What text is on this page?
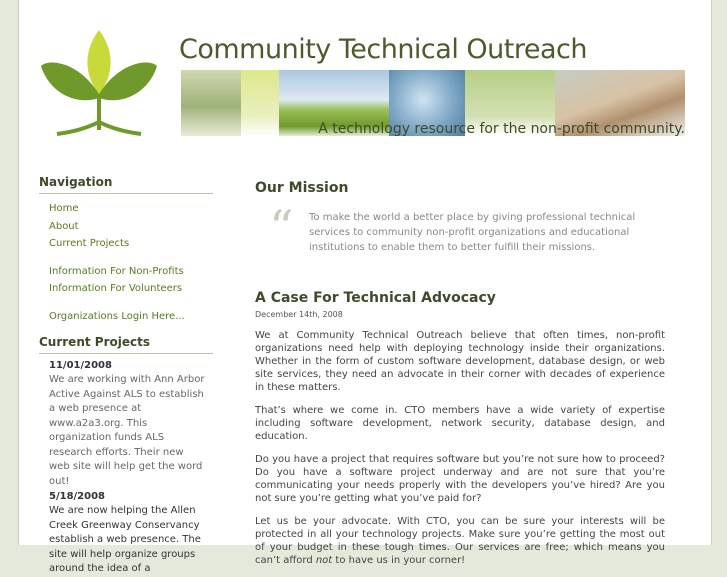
Community Technical Outreach
A technology resource for the non-profit community.
Navigation
Home
About
Current Projects
Information For Non-Profits
Information For Volunteers
Organizations Login Here...
Current Projects
11/01/2008

We are working with Ann Arbor Active Against ALS to establish a web presence at www.a2a3.org. This organization funds ALS research efforts. Their new web site will help get the word out!

5/18/2008

We are now helping the Allen Creek Greenway Conservancy establish a web presence. The site will help organize groups around the idea of a

Our Mission
“ To make the world a better place by giving professional technical services to community non-profit organizations and educational institutions to enable them to better fulfill their missions.

A Case For Technical Advocacy
December 14th, 2008

We at Community Technical Outreach believe that often times, non-profit organizations need help with deploying technology inside their organizations. Whether in the form of custom software development, database design, or web site services, they need an advocate in their corner with decades of experience in these matters.

That’s where we come in. CTO members have a wide variety of expertise including software development, network security, database design, and education.

Do you have a project that requires software but you’re not sure how to proceed? Do you have a software project underway and are not sure that you’re communicating your needs properly with the developers you’ve hired? Are you not sure you’re getting what you’ve paid for?

Let us be your advocate. With CTO, you can be sure your interests will be protected in all your technology projects. Make sure you’re getting the most out of your budget in these tough times. Our services are free; which means you can’t afford not to have us in your corner!
